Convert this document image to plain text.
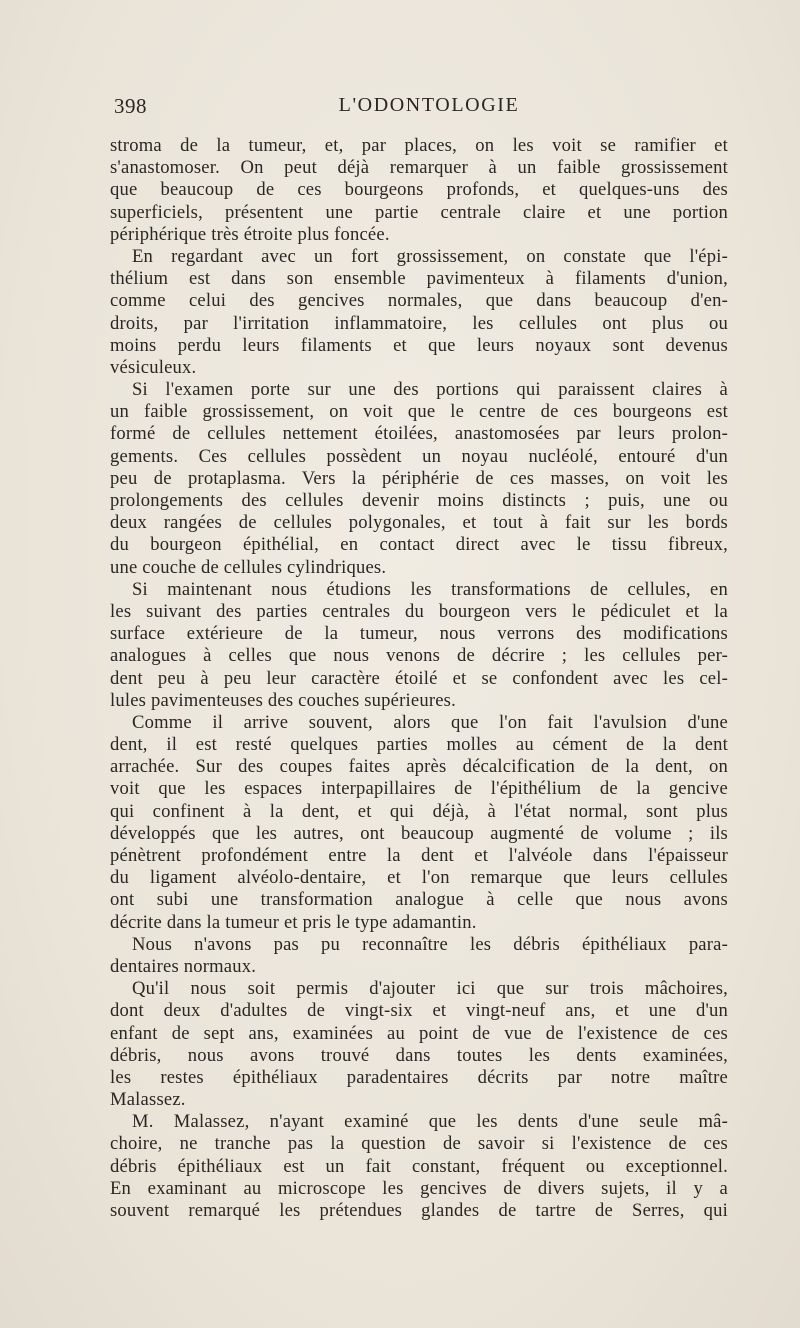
398	L'ODONTOLOGIE
stroma de la tumeur, et, par places, on les voit se ramifier et
s'anastomoser. On peut déjà remarquer à un faible grossissement
que beaucoup de ces bourgeons profonds, et quelques-uns des
superficiels, présentent une partie centrale claire et une portion
périphérique très étroite plus foncée.
En regardant avec un fort grossissement, on constate que l'épi-
thélium est dans son ensemble pavimenteux à filaments d'union,
comme celui des gencives normales, que dans beaucoup d'en-
droits, par l'irritation inflammatoire, les cellules ont plus ou
moins perdu leurs filaments et que leurs noyaux sont devenus
vésiculeux.
Si l'examen porte sur une des portions qui paraissent claires à
un faible grossissement, on voit que le centre de ces bourgeons est
formé de cellules nettement étoilées, anastomosées par leurs prolon-
gements. Ces cellules possèdent un noyau nucléolé, entouré d'un
peu de protaplasma. Vers la périphérie de ces masses, on voit les
prolongements des cellules devenir moins distincts ; puis, une ou
deux rangées de cellules polygonales, et tout à fait sur les bords
du bourgeon épithélial, en contact direct avec le tissu fibreux,
une couche de cellules cylindriques.
Si maintenant nous étudions les transformations de cellules, en
les suivant des parties centrales du bourgeon vers le pédiculet et la
surface extérieure de la tumeur, nous verrons des modifications
analogues à celles que nous venons de décrire ; les cellules per-
dent peu à peu leur caractère étoilé et se confondent avec les cel-
lules pavimenteuses des couches supérieures.
Comme il arrive souvent, alors que l'on fait l'avulsion d'une
dent, il est resté quelques parties molles au cément de la dent
arrachée. Sur des coupes faites après décalcification de la dent, on
voit que les espaces interpapillaires de l'épithélium de la gencive
qui confinent à la dent, et qui déjà, à l'état normal, sont plus
développés que les autres, ont beaucoup augmenté de volume ; ils
pénètrent profondément entre la dent et l'alvéole dans l'épaisseur
du ligament alvéolo-dentaire, et l'on remarque que leurs cellules
ont subi une transformation analogue à celle que nous avons
décrite dans la tumeur et pris le type adamantin.
Nous n'avons pas pu reconnaître les débris épithéliaux para-
dentaires normaux.
Qu'il nous soit permis d'ajouter ici que sur trois mâchoires,
dont deux d'adultes de vingt-six et vingt-neuf ans, et une d'un
enfant de sept ans, examinées au point de vue de l'existence de ces
débris, nous avons trouvé dans toutes les dents examinées,
les restes épithéliaux paradentaires décrits par notre maître
Malassez.
M. Malassez, n'ayant examiné que les dents d'une seule mâ-
choire, ne tranche pas la question de savoir si l'existence de ces
débris épithéliaux est un fait constant, fréquent ou exceptionnel.
En examinant au microscope les gencives de divers sujets, il y a
souvent remarqué les prétendues glandes de tartre de Serres, qui
